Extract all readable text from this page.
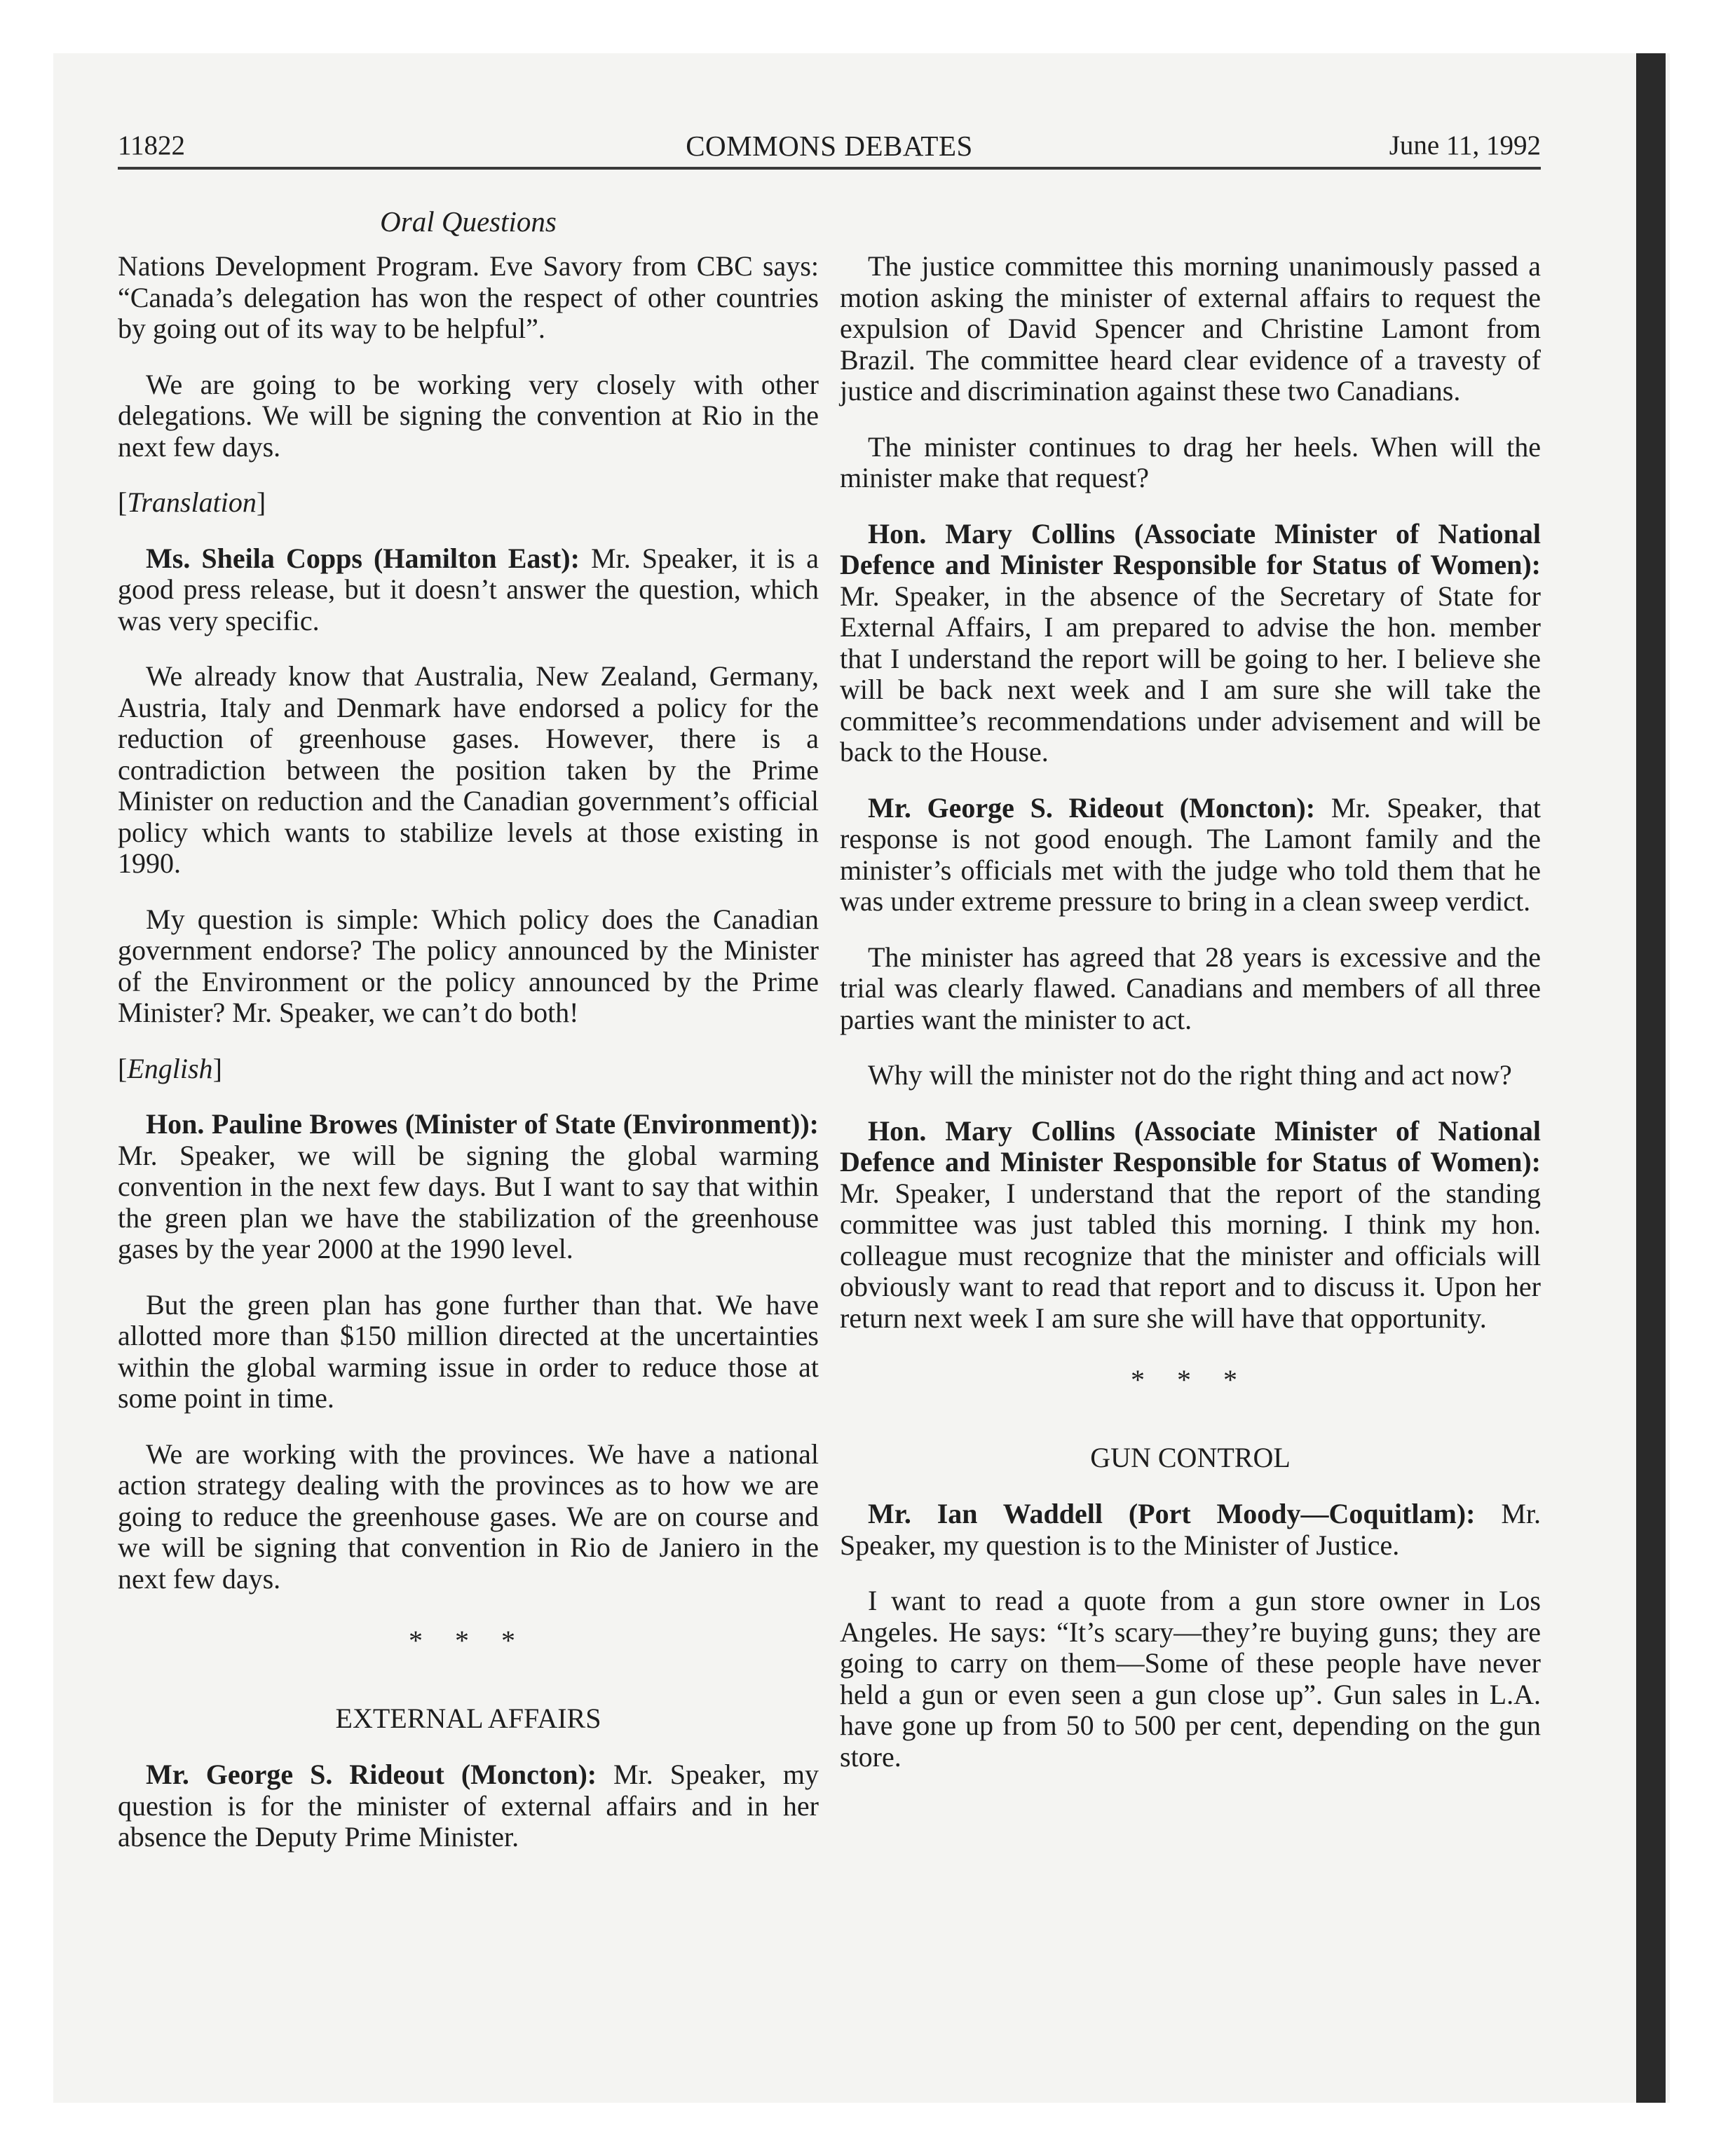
11822	COMMONS DEBATES	June 11, 1992
Oral Questions

Nations Development Program. Eve Savory from CBC says: “Canada’s delegation has won the respect of other countries by going out of its way to be helpful”.

We are going to be working very closely with other delegations. We will be signing the convention at Rio in the next few days.

[Translation]

Ms. Sheila Copps (Hamilton East): Mr. Speaker, it is a good press release, but it doesn’t answer the question, which was very specific.

We already know that Australia, New Zealand, Germany, Austria, Italy and Denmark have endorsed a policy for the reduction of greenhouse gases. However, there is a contradiction between the position taken by the Prime Minister on reduction and the Canadian government’s official policy which wants to stabilize levels at those existing in 1990.

My question is simple: Which policy does the Canadian government endorse? The policy announced by the Minister of the Environment or the policy announced by the Prime Minister? Mr. Speaker, we can’t do both!

[English]

Hon. Pauline Browes (Minister of State (Environment)): Mr. Speaker, we will be signing the global warming convention in the next few days. But I want to say that within the green plan we have the stabilization of the greenhouse gases by the year 2000 at the 1990 level.

But the green plan has gone further than that. We have allotted more than $150 million directed at the uncertainties within the global warming issue in order to reduce those at some point in time.

We are working with the provinces. We have a national action strategy dealing with the provinces as to how we are going to reduce the greenhouse gases. We are on course and we will be signing that convention in Rio de Janiero in the next few days.

* * *

EXTERNAL AFFAIRS

Mr. George S. Rideout (Moncton): Mr. Speaker, my question is for the minister of external affairs and in her absence the Deputy Prime Minister.

The justice committee this morning unanimously passed a motion asking the minister of external affairs to request the expulsion of David Spencer and Christine Lamont from Brazil. The committee heard clear evidence of a travesty of justice and discrimination against these two Canadians.

The minister continues to drag her heels. When will the minister make that request?

Hon. Mary Collins (Associate Minister of National Defence and Minister Responsible for Status of Women): Mr. Speaker, in the absence of the Secretary of State for External Affairs, I am prepared to advise the hon. member that I understand the report will be going to her. I believe she will be back next week and I am sure she will take the committee’s recommendations under advisement and will be back to the House.

Mr. George S. Rideout (Moncton): Mr. Speaker, that response is not good enough. The Lamont family and the minister’s officials met with the judge who told them that he was under extreme pressure to bring in a clean sweep verdict.

The minister has agreed that 28 years is excessive and the trial was clearly flawed. Canadians and members of all three parties want the minister to act.

Why will the minister not do the right thing and act now?

Hon. Mary Collins (Associate Minister of National Defence and Minister Responsible for Status of Women): Mr. Speaker, I understand that the report of the standing committee was just tabled this morning. I think my hon. colleague must recognize that the minister and officials will obviously want to read that report and to discuss it. Upon her return next week I am sure she will have that opportunity.

* * *

GUN CONTROL

Mr. Ian Waddell (Port Moody—Coquitlam): Mr. Speaker, my question is to the Minister of Justice.

I want to read a quote from a gun store owner in Los Angeles. He says: “It’s scary—they’re buying guns; they are going to carry on them—Some of these people have never held a gun or even seen a gun close up”. Gun sales in L.A. have gone up from 50 to 500 per cent, depending on the gun store.
